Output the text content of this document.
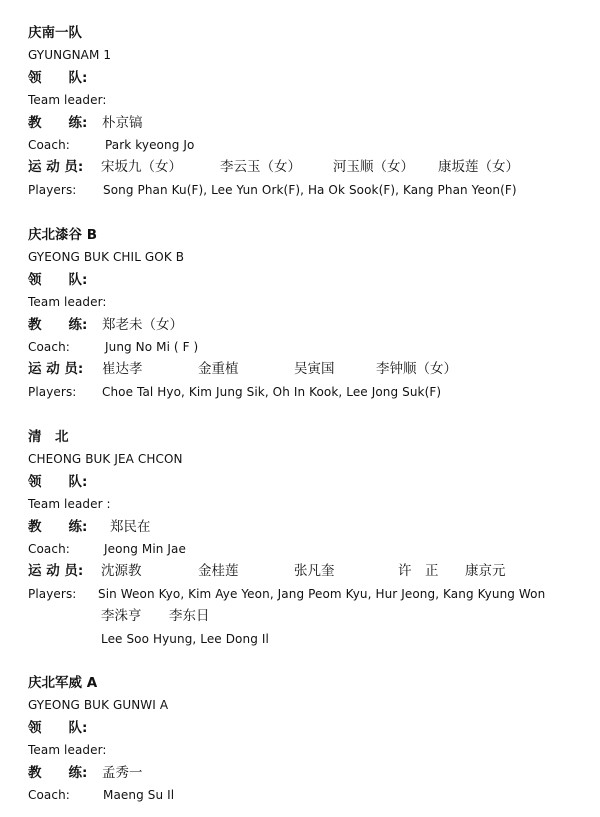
庆南一队
GYUNGNAM 1
领　　队:
Team leader:
教　　练: 朴京镐
Coach:	Park kyeong Jo
运 动 员: 宋坂九（女）	李云玉（女） 河玉顺（女） 康坂莲（女）
Players: Song Phan Ku(F), Lee Yun Ork(F), Ha Ok Sook(F), Kang Phan Yeon(F)
庆北漆谷 B
GYEONG BUK CHIL GOK B
领　　队:
Team leader:
教　　练: 郑老未（女）
Coach:	Jung No Mi ( F )
运 动 员: 崔达孝	金重植	吴寅国	李钟顺（女）
Players: Choe Tal Hyo, Kim Jung Sik, Oh In Kook, Lee Jong Suk(F)
清　北
CHEONG BUK JEA CHCON
领　　队:
Team leader :
教　　练: 郑民在
Coach:	Jeong Min Jae
运 动 员: 沈源教	金桂莲	张凡奎	许　正 康京元
Players: Sin Weon Kyo, Kim Aye Yeon, Jang Peom Kyu, Hur Jeong, Kang Kyung Won
李洙亨 李东日
Lee Soo Hyung, Lee Dong Il
庆北军威 A
GYEONG BUK GUNWI A
领　　队:
Team leader:
教　　练: 孟秀一
Coach:	Maeng Su Il
